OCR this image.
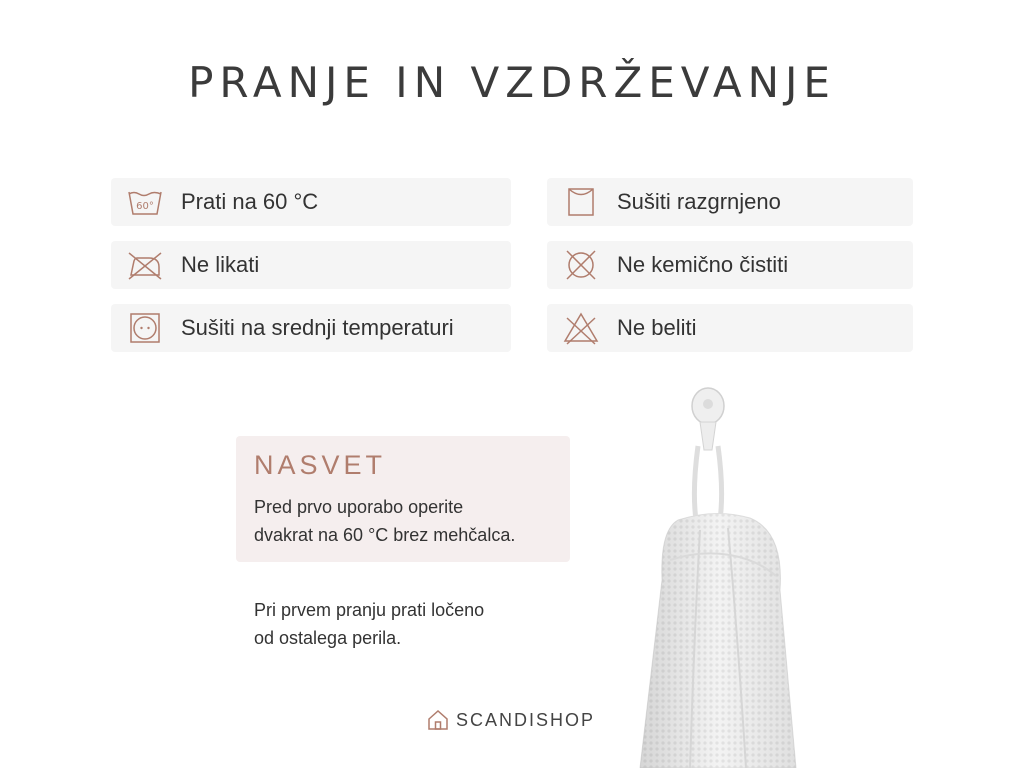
PRANJE IN VZDRŽEVANJE
60° Prati na 60 °C
Ne likati
Sušiti na srednji temperaturi
Sušiti razgrnjeno
Ne kemično čistiti
Ne beliti
NASVET
Pred prvo uporabo operite
dvakrat na 60 °C brez mehčalca.
Pri prvem pranju prati ločeno
od ostalega perila.
SCANDISHOP
